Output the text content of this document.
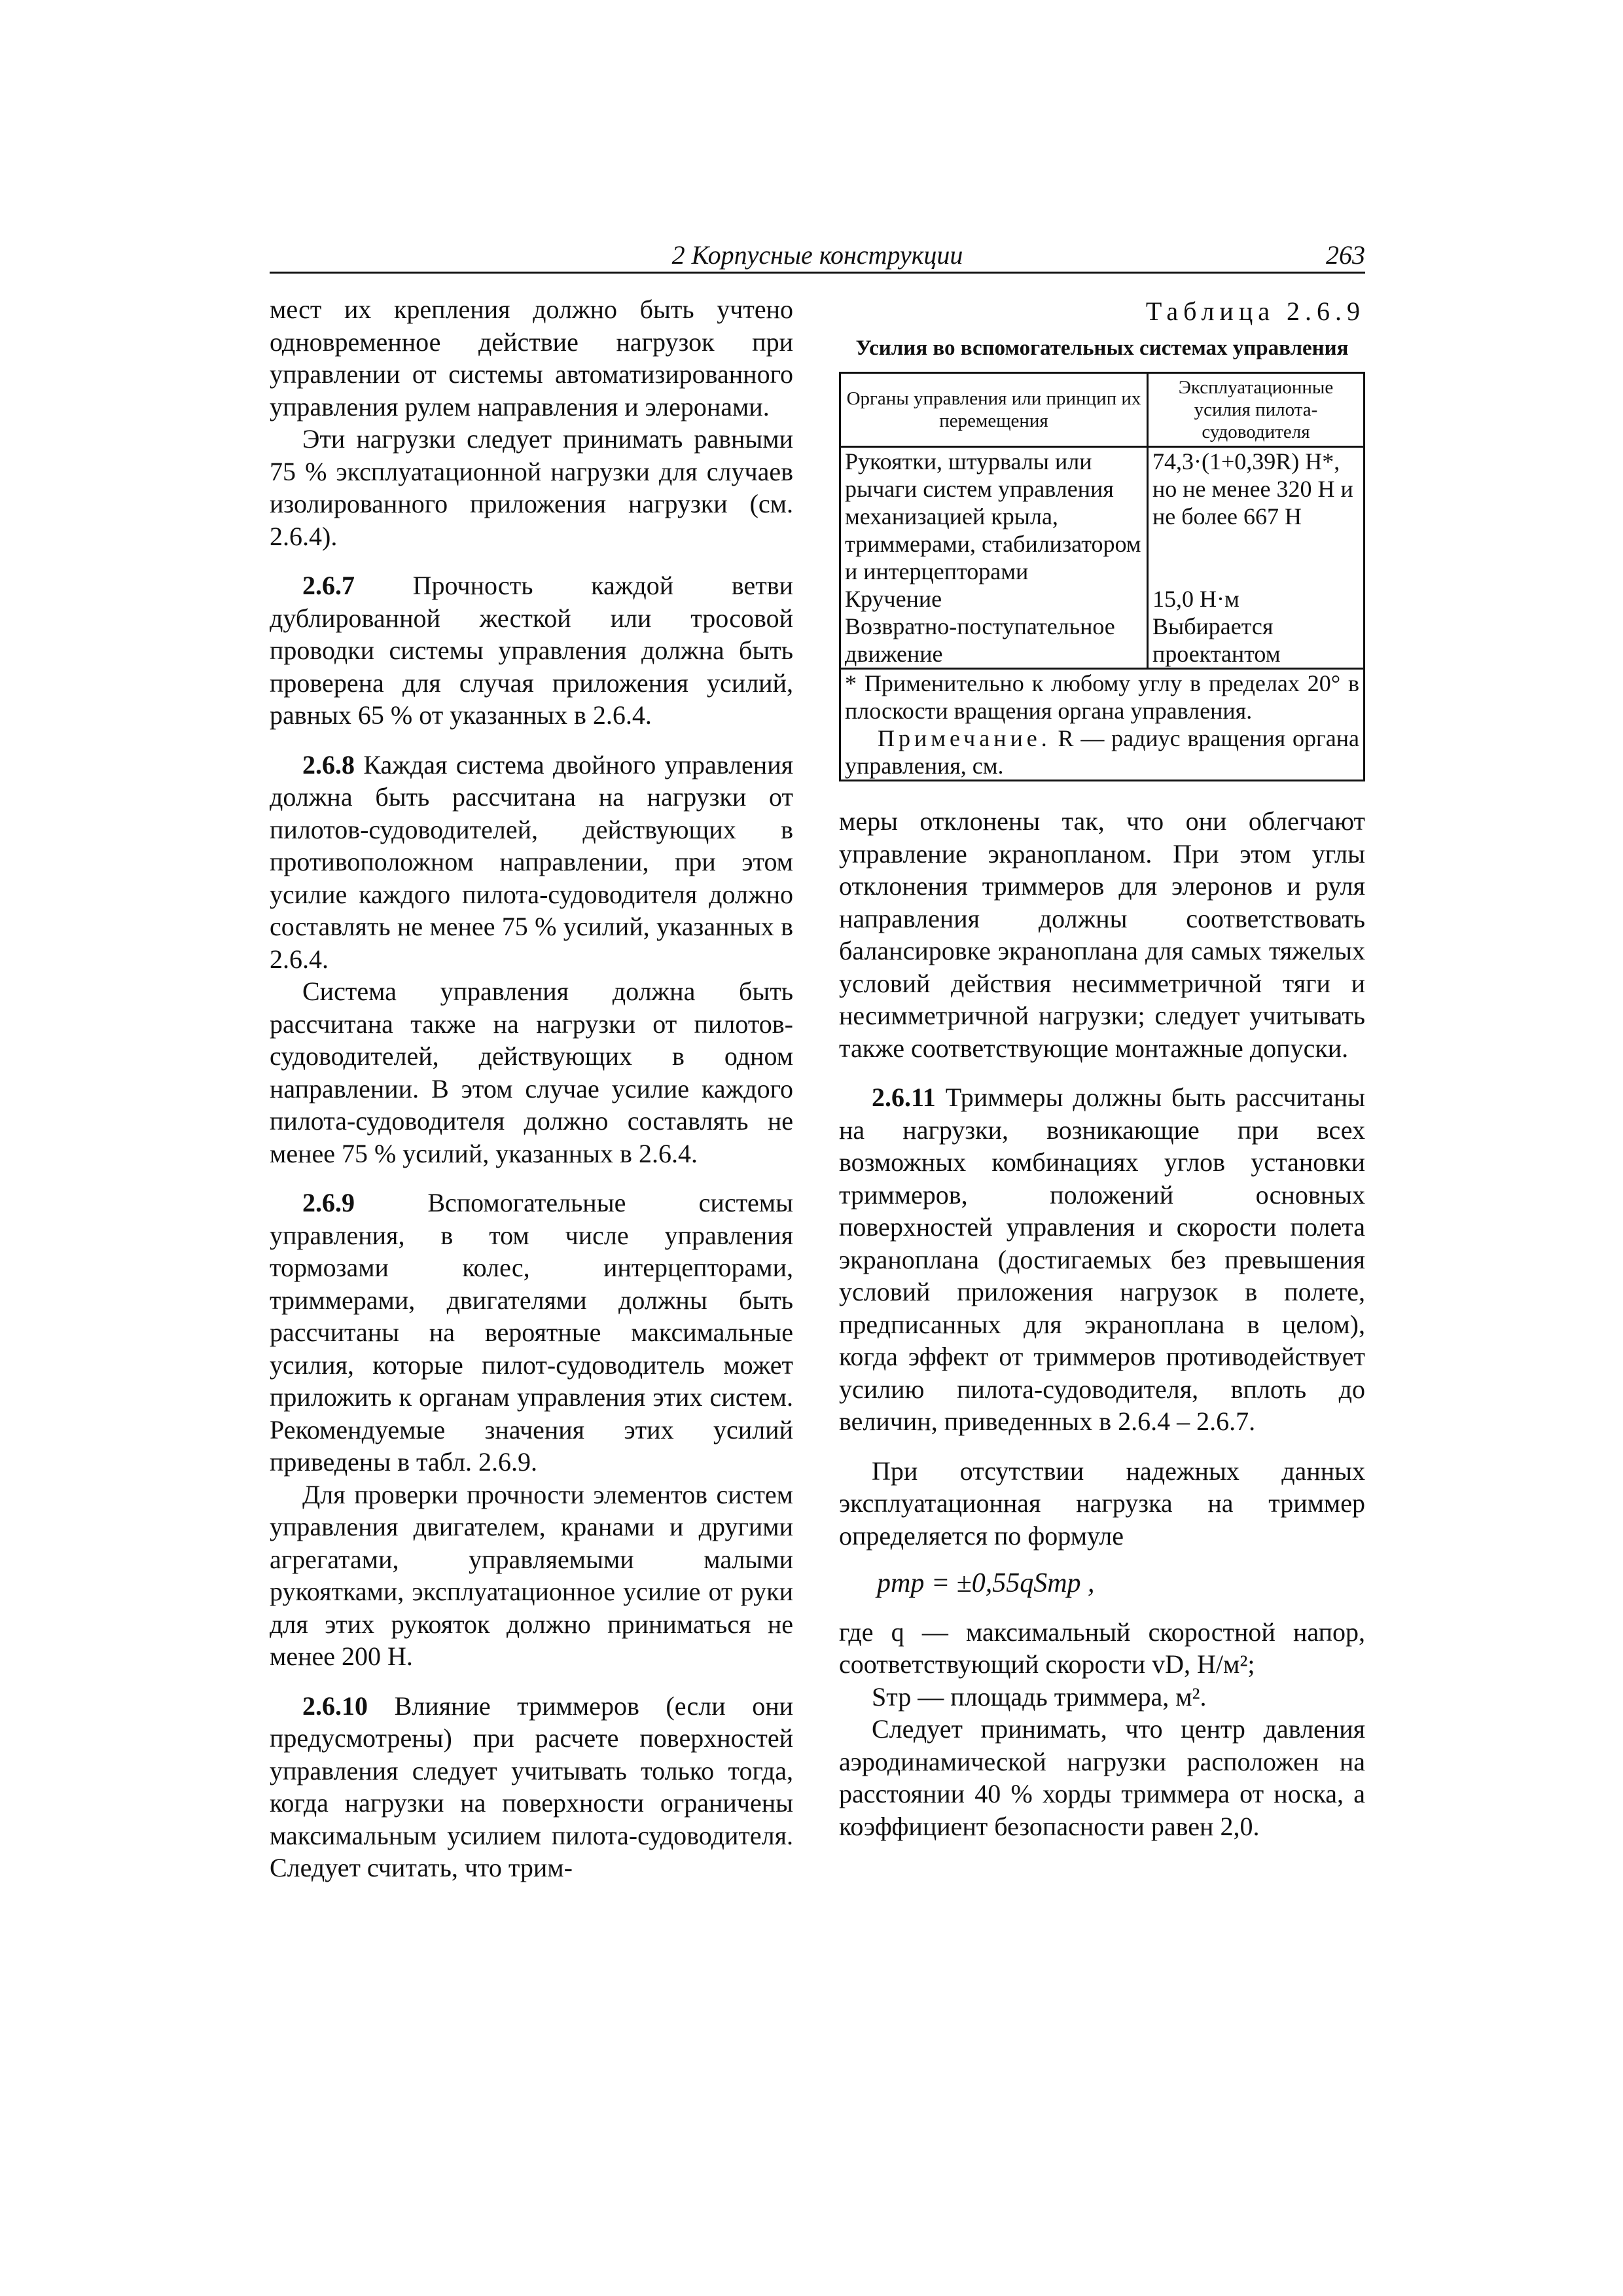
2 Корпусные конструкции	263

мест их крепления должно быть учтено одновременное действие нагрузок при управлении от системы автоматизированного управления рулем направления и элеронами.

Эти нагрузки следует принимать равными 75 % эксплуатационной нагрузки для случаев изолированного приложения нагрузки (см. 2.6.4).

2.6.7 Прочность каждой ветви дублированной жесткой или тросовой проводки системы управления должна быть проверена для случая приложения усилий, равных 65 % от указанных в 2.6.4.

2.6.8 Каждая система двойного управления должна быть рассчитана на нагрузки от пилотов-судоводителей, действующих в противоположном направлении, при этом усилие каждого пилота-судоводителя должно составлять не менее 75 % усилий, указанных в 2.6.4.

Система управления должна быть рассчитана также на нагрузки от пилотов-судоводителей, действующих в одном направлении. В этом случае усилие каждого пилота-судоводителя должно составлять не менее 75 % усилий, указанных в 2.6.4.

2.6.9 Вспомогательные системы управления, в том числе управления тормозами колес, интерцепторами, триммерами, двигателями должны быть рассчитаны на вероятные максимальные усилия, которые пилот-судоводитель может приложить к органам управления этих систем. Рекомендуемые значения этих усилий приведены в табл. 2.6.9.

Для проверки прочности элементов систем управления двигателем, кранами и другими агрегатами, управляемыми малыми рукоятками, эксплуатационное усилие от руки для этих рукояток должно приниматься не менее 200 Н.

2.6.10 Влияние триммеров (если они предусмотрены) при расчете поверхностей управления следует учитывать только тогда, когда нагрузки на поверхности ограничены максимальным усилием пилота-судоводителя. Следует считать, что трим-

Таблица 2.6.9
Усилия во вспомогательных системах управления
Органы управления или принцип их перемещения
Эксплуатационные усилия пилота-судоводителя
Рукоятки, штурвалы или рычаги систем управления механизацией крыла, триммерами, стабилизатором и интерцепторами
74,3·(1+0,39R) Н*, но не менее 320 Н и не более 667 Н
Кручение	15,0 Н·м
Возвратно-поступательное движение
Выбирается проектантом
* Применительно к любому углу в пределах 20° в плоскости вращения органа управления.
Примечание. R — радиус вращения органа управления, см.

меры отклонены так, что они облегчают управление экранопланом. При этом углы отклонения триммеров для элеронов и руля направления должны соответствовать балансировке экраноплана для самых тяжелых условий действия несимметричной тяги и несимметричной нагрузки; следует учитывать также соответствующие монтажные допуски.

2.6.11 Триммеры должны быть рассчитаны на нагрузки, возникающие при всех возможных комбинациях углов установки триммеров, положений основных поверхностей управления и скорости полета экраноплана (достигаемых без превышения условий приложения нагрузок в полете, предписанных для экраноплана в целом), когда эффект от триммеров противодействует усилию пилота-судоводителя, вплоть до величин, приведенных в 2.6.4 – 2.6.7.

При отсутствии надежных данных эксплуатационная нагрузка на триммер определяется по формуле

pтр = ±0,55qSтр ,

где q — максимальный скоростной напор, соответствующий скорости vD, Н/м²;

Sтр — площадь триммера, м².

Следует принимать, что центр давления аэродинамической нагрузки расположен на расстоянии 40 % хорды триммера от носка, а коэффициент безопасности равен 2,0.
